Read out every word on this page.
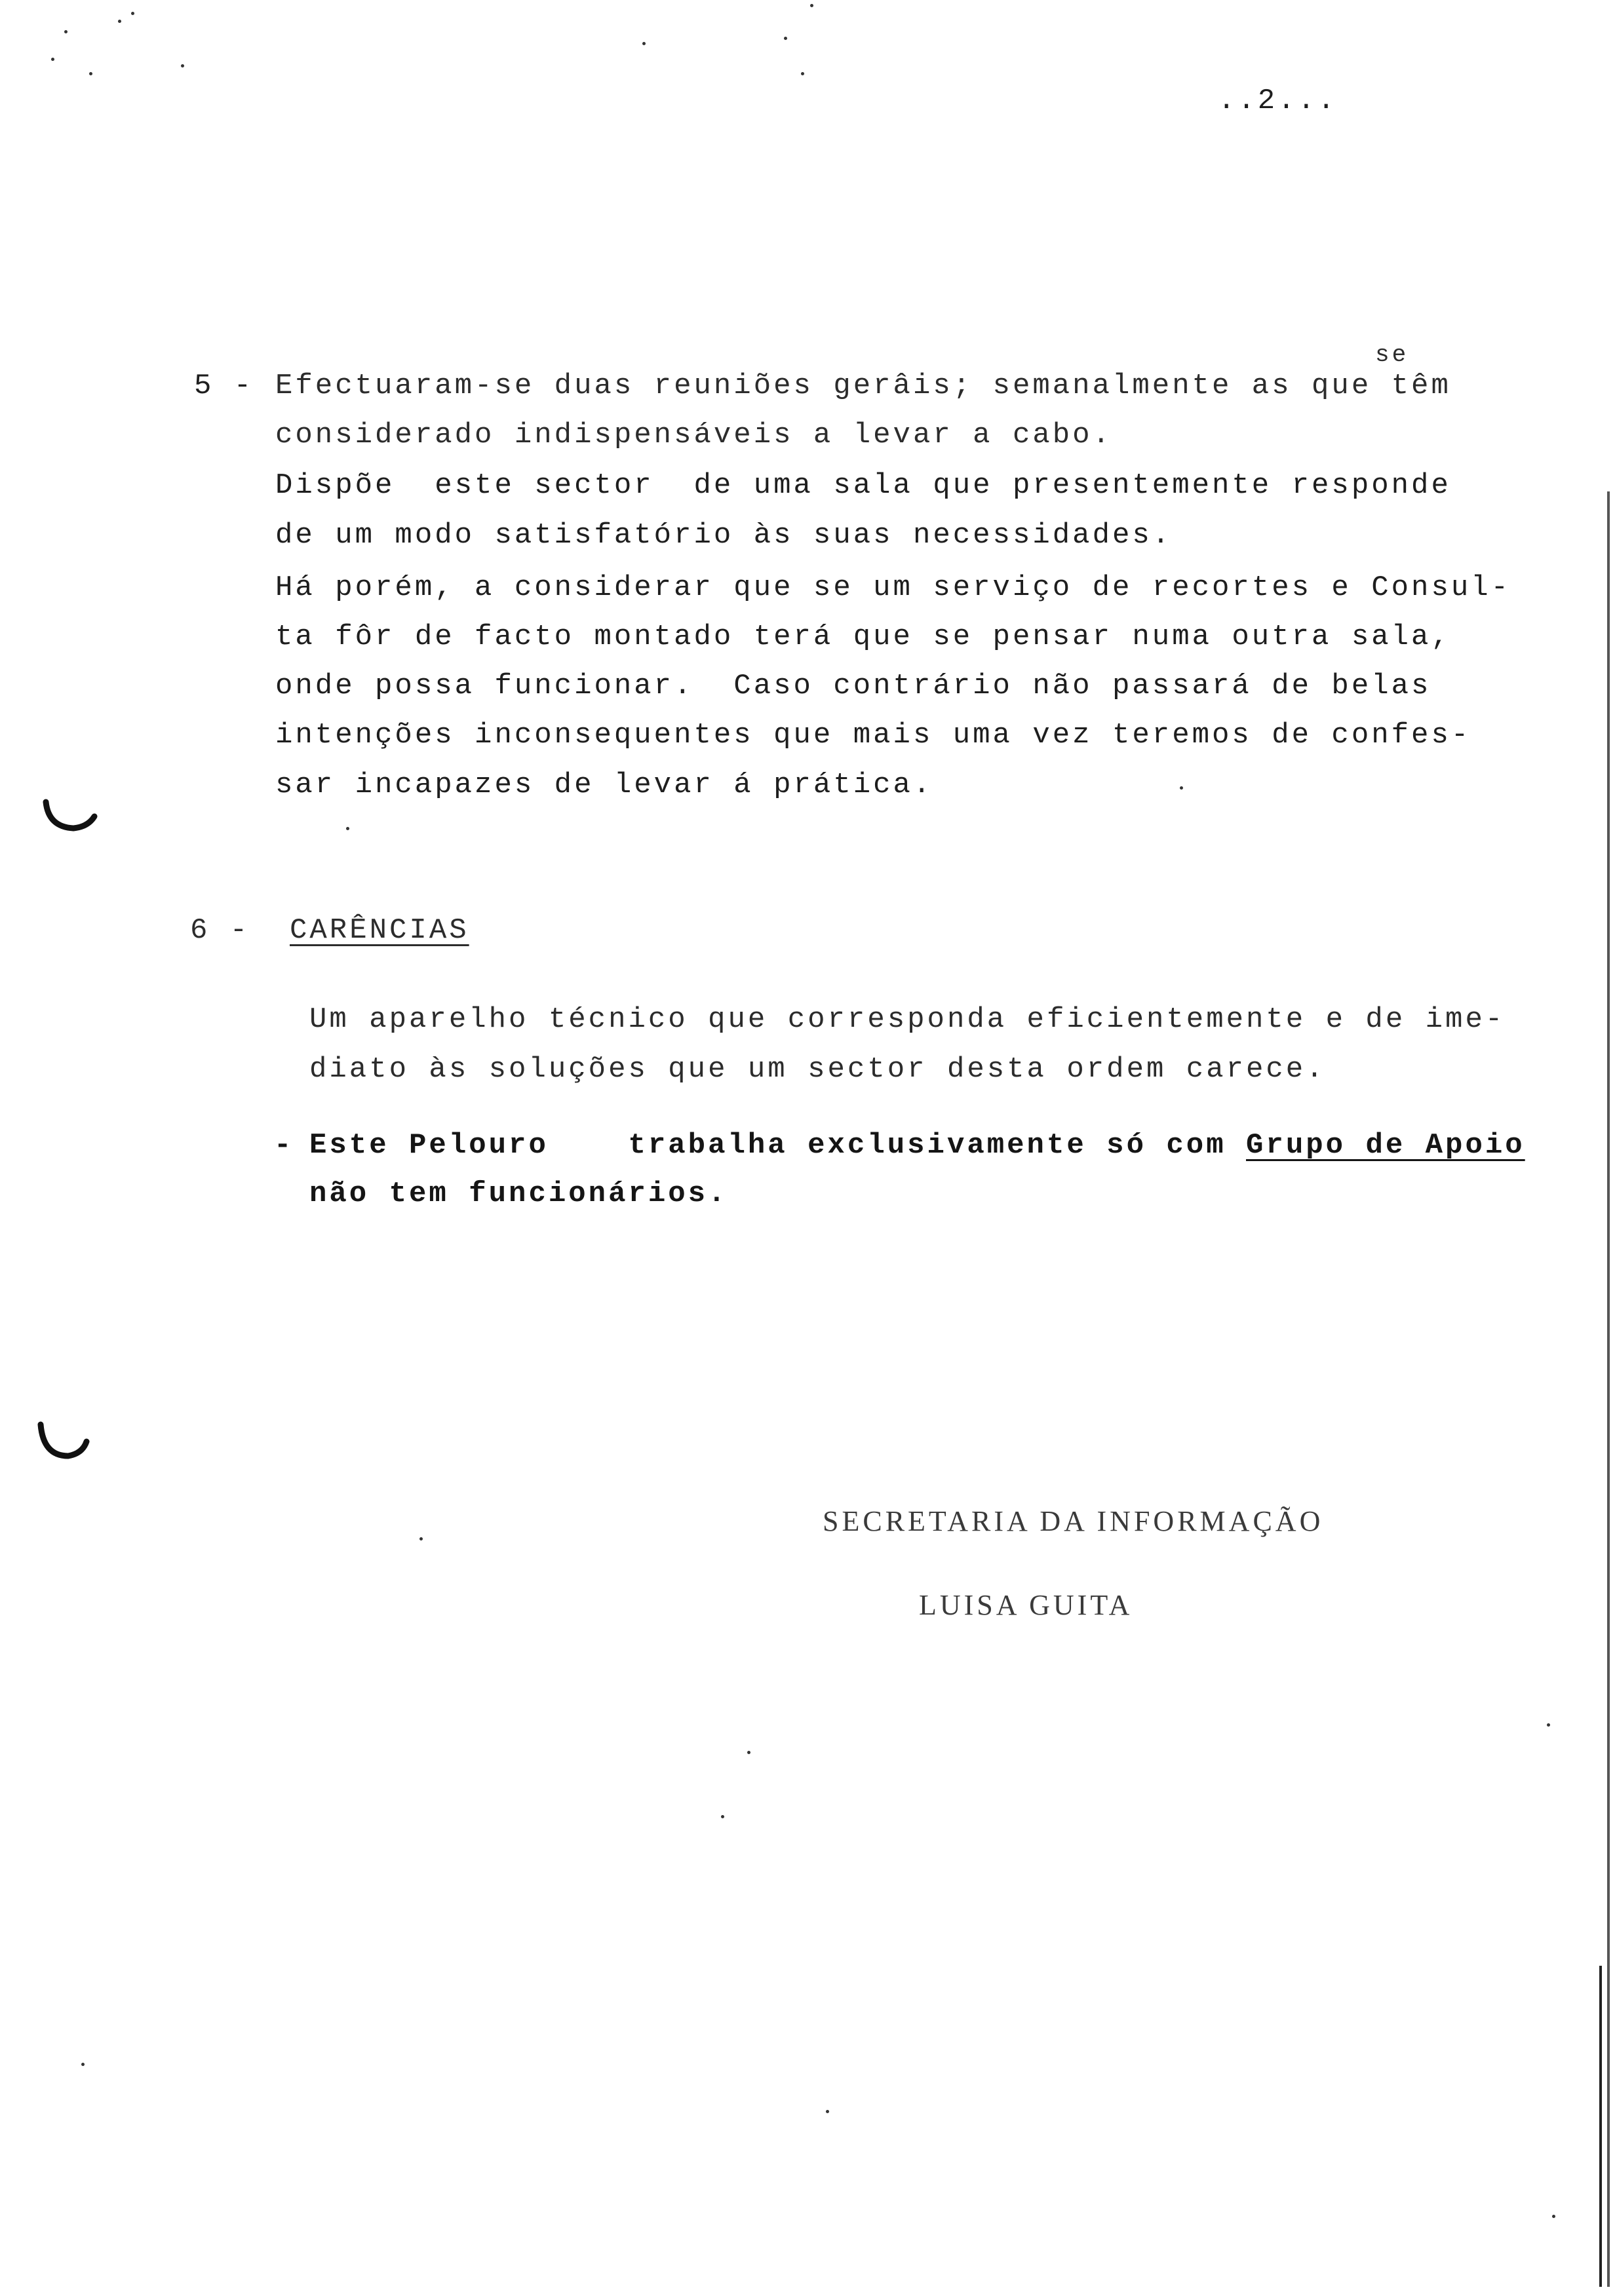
..2...
5 -
se
Efectuaram-se duas reuniões gerâis; semanalmente as que têm
considerado indispensáveis a levar a cabo.
Dispõe  este sector  de uma sala que presentemente responde
de um modo satisfatório às suas necessidades.
Há porém, a considerar que se um serviço de recortes e Consul-
ta fôr de facto montado terá que se pensar numa outra sala,
onde possa funcionar.  Caso contrário não passará de belas
intenções inconsequentes que mais uma vez teremos de confes-
sar incapazes de levar á prática.
6 - CARÊNCIAS
Um aparelho técnico que corresponda eficientemente e de ime-
diato às soluções que um sector desta ordem carece.
- Este Pelouro    trabalha exclusivamente só com Grupo de Apoio
não tem funcionários.
SECRETARIA DA INFORMAÇÃO
LUISA GUITA
